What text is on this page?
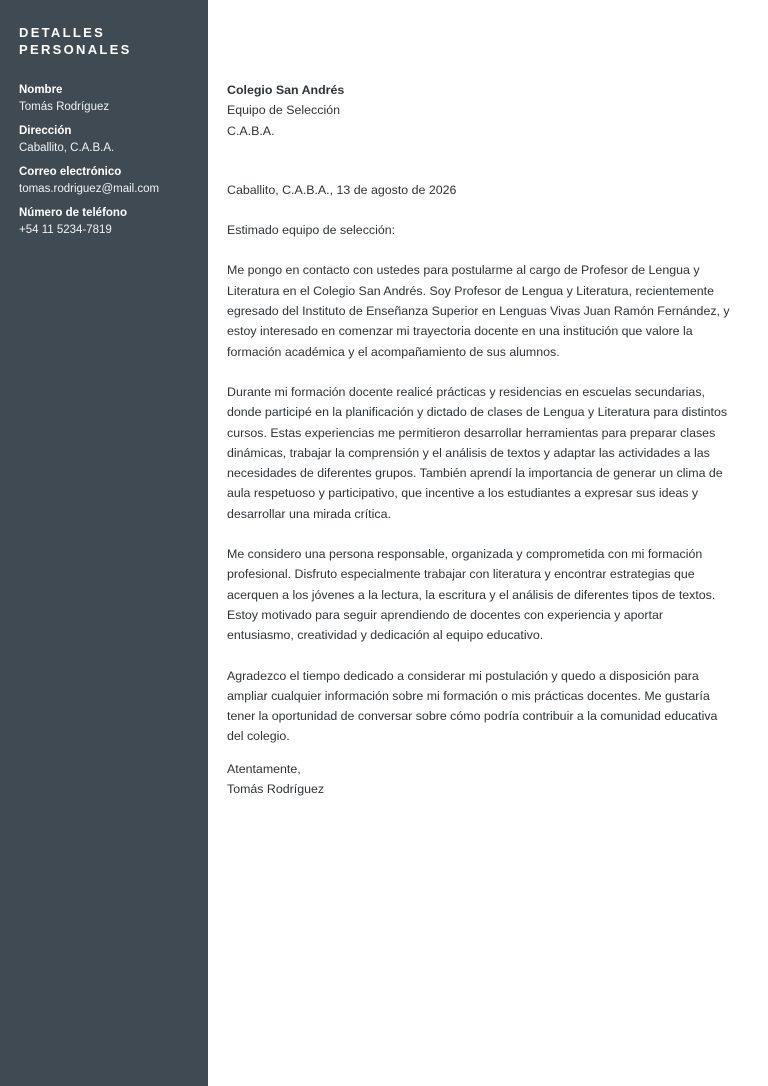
DETALLES
PERSONALES
Nombre
Tomás Rodríguez
Dirección
Caballito, C.A.B.A.
Correo electrónico
tomas.rodriguez@mail.com
Número de teléfono
+54 11 5234-7819
Colegio San Andrés
Equipo de Selección
C.A.B.A.
Caballito, C.A.B.A., 13 de agosto de 2026
Estimado equipo de selección:

Me pongo en contacto con ustedes para postularme al cargo de Profesor de Lengua y Literatura en el Colegio San Andrés. Soy Profesor de Lengua y Literatura, recientemente egresado del Instituto de Enseñanza Superior en Lenguas Vivas Juan Ramón Fernández, y estoy interesado en comenzar mi trayectoria docente en una institución que valore la formación académica y el acompañamiento de sus alumnos.

Durante mi formación docente realicé prácticas y residencias en escuelas secundarias, donde participé en la planificación y dictado de clases de Lengua y Literatura para distintos cursos. Estas experiencias me permitieron desarrollar herramientas para preparar clases dinámicas, trabajar la comprensión y el análisis de textos y adaptar las actividades a las necesidades de diferentes grupos. También aprendí la importancia de generar un clima de aula respetuoso y participativo, que incentive a los estudiantes a expresar sus ideas y desarrollar una mirada crítica.

Me considero una persona responsable, organizada y comprometida con mi formación profesional. Disfruto especialmente trabajar con literatura y encontrar estrategias que acerquen a los jóvenes a la lectura, la escritura y el análisis de diferentes tipos de textos. Estoy motivado para seguir aprendiendo de docentes con experiencia y aportar entusiasmo, creatividad y dedicación al equipo educativo.

Agradezco el tiempo dedicado a considerar mi postulación y quedo a disposición para ampliar cualquier información sobre mi formación o mis prácticas docentes. Me gustaría tener la oportunidad de conversar sobre cómo podría contribuir a la comunidad educativa del colegio.

Atentamente,
Tomás Rodríguez
